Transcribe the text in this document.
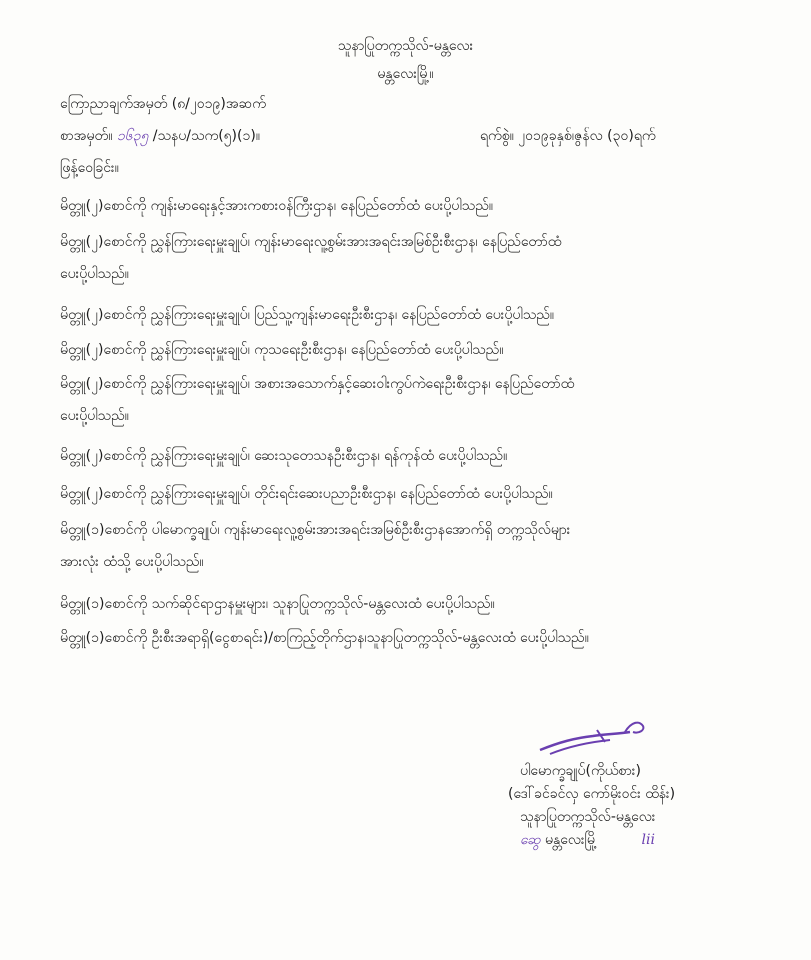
သူနာပြုတက္ကသိုလ်-မန္တလေး
မန္တလေးမြို့။
ကြောညာချက်အမှတ် (၈/၂၀၁၉)အဆက်
စာအမှတ်။ ၁၆၃၅ /သနပ/သက(၅)(၁)။	ရက်စွဲ။ ၂၀၁၉ခုနှစ်၊ဇွန်လ (၃၀)ရက်
ဖြန့်ဝေခြင်း။
မိတ္တူ(၂)စောင်ကို ကျန်းမာရေးနှင့်အားကစားဝန်ကြီးဌာန၊ နေပြည်တော်ထံ ပေးပို့ပါသည်။
မိတ္တူ(၂)စောင်ကို ညွှန်ကြားရေးမှူးချုပ်၊ ကျန်းမာရေးလူ့စွမ်းအားအရင်းအမြစ်ဦးစီးဌာန၊ နေပြည်တော်ထံ
ပေးပို့ပါသည်။
မိတ္တူ(၂)စောင်ကို ညွှန်ကြားရေးမှူးချုပ်၊ ပြည်သူ့ကျန်းမာရေးဦးစီးဌာန၊ နေပြည်တော်ထံ ပေးပို့ပါသည်။
မိတ္တူ(၂)စောင်ကို ညွှန်ကြားရေးမှူးချုပ်၊ ကုသရေးဦးစီးဌာန၊ နေပြည်တော်ထံ ပေးပို့ပါသည်။
မိတ္တူ(၂)စောင်ကို ညွှန်ကြားရေးမှူးချုပ်၊ အစားအသောက်နှင့်ဆေးဝါးကွပ်ကဲရေးဦးစီးဌာန၊ နေပြည်တော်ထံ
ပေးပို့ပါသည်။
မိတ္တူ(၂)စောင်ကို ညွှန်ကြားရေးမှူးချုပ်၊ ဆေးသုတေသနဦးစီးဌာန၊ ရန်ကုန်ထံ ပေးပို့ပါသည်။
မိတ္တူ(၂)စောင်ကို ညွှန်ကြားရေးမှူးချုပ်၊ တိုင်းရင်းဆေးပညာဦးစီးဌာန၊ နေပြည်တော်ထံ ပေးပို့ပါသည်။
မိတ္တူ(၁)စောင်ကို ပါမောက္ခချုပ်၊ ကျန်းမာရေးလူ့စွမ်းအားအရင်းအမြစ်ဦးစီးဌာနအောက်ရှိ တက္ကသိုလ်များ
အားလုံး ထံသို့ ပေးပို့ပါသည်။
မိတ္တူ(၁)စောင်ကို သက်ဆိုင်ရာဌာနမှူးများ၊ သူနာပြုတက္ကသိုလ်-မန္တလေးထံ ပေးပို့ပါသည်။
မိတ္တူ(၁)စောင်ကို ဦးစီးအရာရှိ(ငွေစာရင်း)/စာကြည့်တိုက်ဌာန၊သူနာပြုတက္ကသိုလ်-မန္တလေးထံ ပေးပို့ပါသည်။
ပါမောက္ခချုပ်(ကိုယ်စား)
(ဒေါ်ခင်ခင်လှ ကော်မိုးဝင်း ထိန်း)
သူနာပြုတက္ကသိုလ်-မန္တလေး
ဆွေ မန္တလေးမြို့	lii
